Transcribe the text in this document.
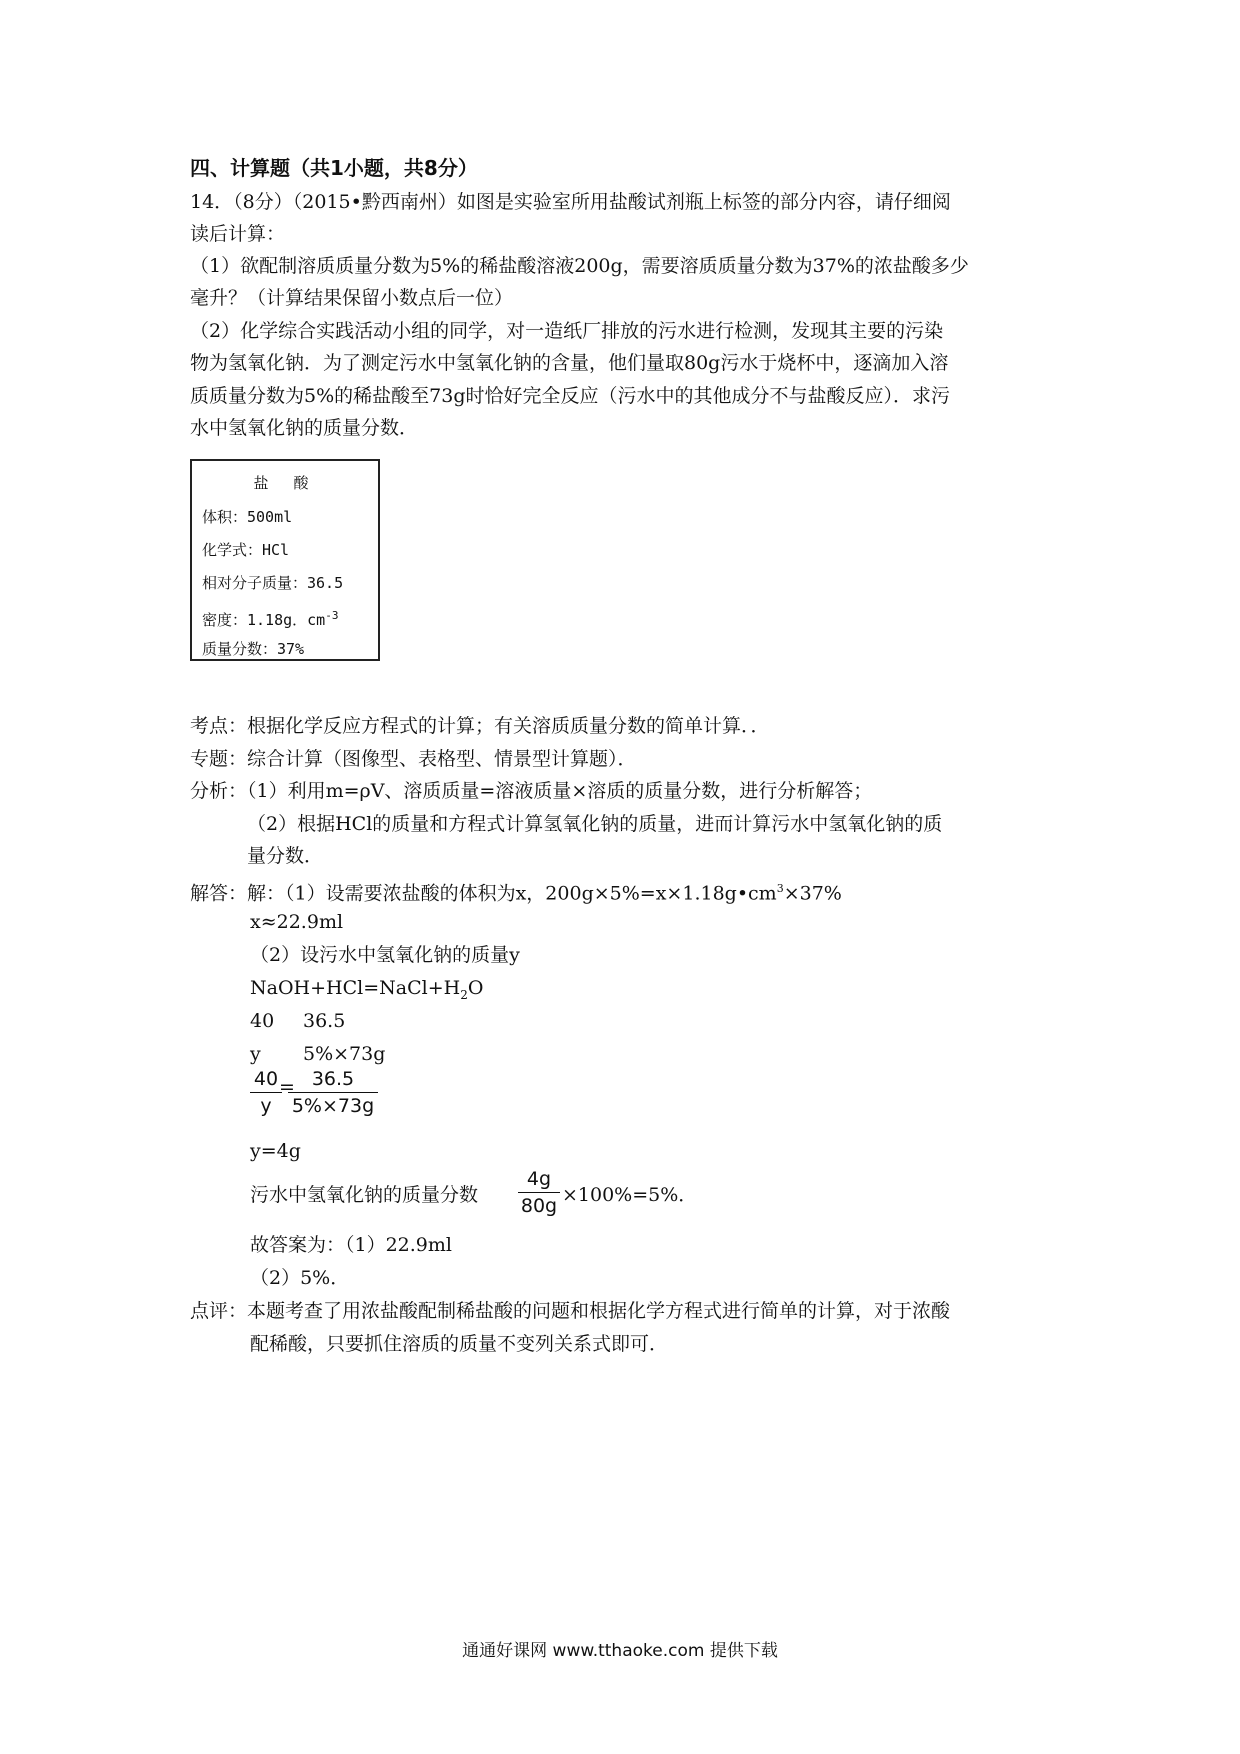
四、计算题（共1小题，共8分）
14．（8分）（2015•黔西南州）如图是实验室所用盐酸试剂瓶上标签的部分内容，请仔细阅
读后计算：
（1）欲配制溶质质量分数为5%的稀盐酸溶液200g，需要溶质质量分数为37%的浓盐酸多少
毫升？（计算结果保留小数点后一位）
（2）化学综合实践活动小组的同学，对一造纸厂排放的污水进行检测，发现其主要的污染
物为氢氧化钠．为了测定污水中氢氧化钠的含量，他们量取80g污水于烧杯中，逐滴加入溶
质质量分数为5%的稀盐酸至73g时恰好完全反应（污水中的其他成分不与盐酸反应）．求污
水中氢氧化钠的质量分数．
盐 酸
体积：500ml
化学式：HCl
相对分子质量：36.5
密度：1.18g．$cm^{-3}$
质量分数：37%
考点：根据化学反应方程式的计算；有关溶质质量分数的简单计算．．
专题：综合计算（图像型、表格型、情景型计算题）．
分析：（1）利用m=ρV、溶质质量=溶液质量×溶质的质量分数，进行分析解答；
（2）根据HCl的质量和方程式计算氢氧化钠的质量，进而计算污水中氢氧化钠的质
量分数．
解答：解：（1）设需要浓盐酸的体积为x，$200g\times 5\%=x\times 1.18g•cm^3\times 37\%$
x≈22.9ml
（2）设污水中氢氧化钠的质量y
$NaOH+HCl=NaCl+H_2O$
40 36.5
y 5%×73g
40
y
= 36.5
5%×73g
y=4g
污水中氢氧化钠的质量分数
4g
80g ×100%=5%．
故答案为：（1）22.9ml
（2）5%．
点评：本题考查了用浓盐酸配制稀盐酸的问题和根据化学方程式进行简单的计算，对于浓酸
配稀酸，只要抓住溶质的质量不变列关系式即可．
通通好课网 www.tthaoke.com 提供下载
